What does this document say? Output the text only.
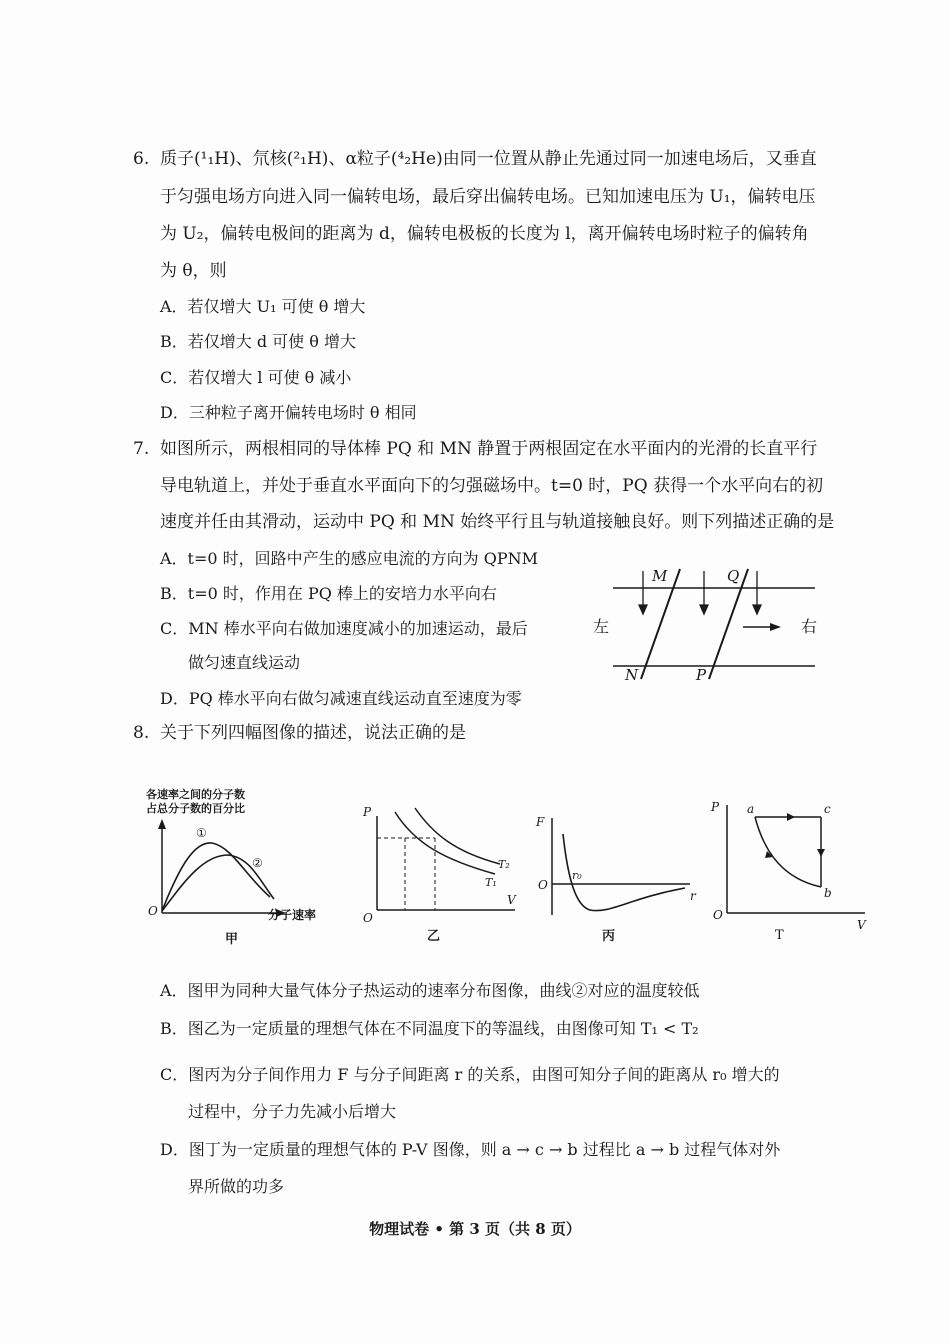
6. 质子(¹₁H)、氘核(²₁H)、α粒子(⁴₂He)由同一位置从静止先通过同一加速电场后，又垂直
于匀强电场方向进入同一偏转电场，最后穿出偏转电场。已知加速电压为 U₁，偏转电压
为 U₂，偏转电极间的距离为 d，偏转电极板的长度为 l，离开偏转电场时粒子的偏转角
为 θ，则
A．若仅增大 U₁ 可使 θ 增大
B．若仅增大 d 可使 θ 增大
C．若仅增大 l 可使 θ 减小
D．三种粒子离开偏转电场时 θ 相同
7. 如图所示，两根相同的导体棒 PQ 和 MN 静置于两根固定在水平面内的光滑的长直平行
导电轨道上，并处于垂直水平面向下的匀强磁场中。t=0 时，PQ 获得一个水平向右的初
速度并任由其滑动，运动中 PQ 和 MN 始终平行且与轨道接触良好。则下列描述正确的是
A．t=0 时，回路中产生的感应电流的方向为 QPNM
B．t=0 时，作用在 PQ 棒上的安培力水平向右
C．MN 棒水平向右做加速度减小的加速运动，最后
做匀速直线运动
D．PQ 棒水平向右做匀减速直线运动直至速度为零
左	右
M	Q
N	P
8. 关于下列四幅图像的描述，说法正确的是
各速率之间的分子数
占总分子数的百分比
①
②
O	分子速率
甲
P
T₂
T₁
V
O
乙
F
r₀
O
r
丙
P a	c
b
O
V
T
A．图甲为同种大量气体分子热运动的速率分布图像，曲线②对应的温度较低
B．图乙为一定质量的理想气体在不同温度下的等温线，由图像可知 T₁ < T₂
C．图丙为分子间作用力 F 与分子间距离 r 的关系，由图可知分子间的距离从 r₀ 增大的
过程中，分子力先减小后增大
D．图丁为一定质量的理想气体的 P-V 图像，则 a → c → b 过程比 a → b 过程气体对外
界所做的功多
物理试卷 • 第 3 页（共 8 页）
